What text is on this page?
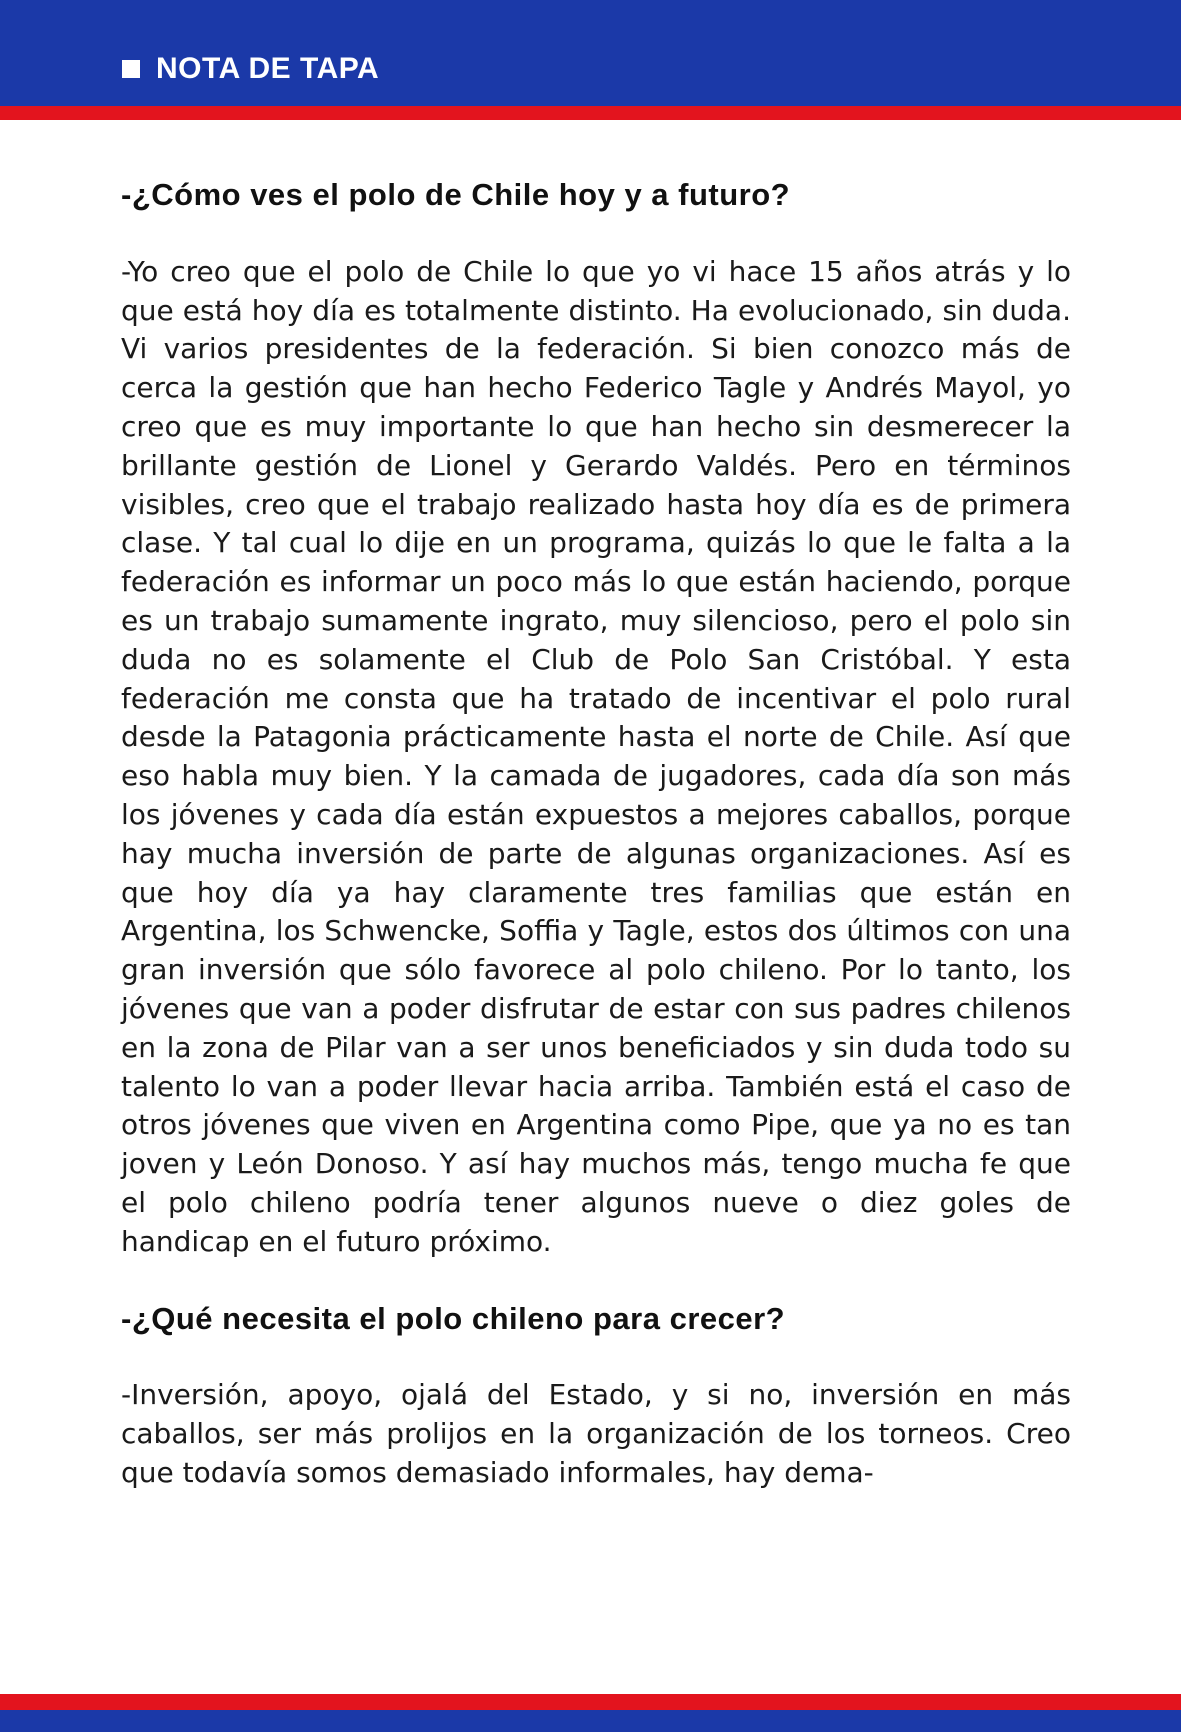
NOTA DE TAPA

-¿Cómo ves el polo de Chile hoy y a futuro?

-Yo creo que el polo de Chile lo que yo vi hace 15 años atrás y lo que está hoy día es totalmente distinto. Ha evolucionado, sin duda. Vi varios presidentes de la federación. Si bien conozco más de cerca la gestión que han hecho Federico Tagle y Andrés Mayol, yo creo que es muy importante lo que han hecho sin desmerecer la brillante gestión de Lionel y Gerardo Valdés. Pero en términos visibles, creo que el trabajo realizado hasta hoy día es de primera clase. Y tal cual lo dije en un programa, quizás lo que le falta a la federación es informar un poco más lo que están haciendo, porque es un trabajo sumamente ingrato, muy silencioso, pero el polo sin duda no es solamente el Club de Polo San Cristóbal. Y esta federación me consta que ha tratado de incentivar el polo rural desde la Patagonia prácticamente hasta el norte de Chile. Así que eso habla muy bien. Y la camada de jugadores, cada día son más los jóvenes y cada día están expuestos a mejores caballos, porque hay mucha inversión de parte de algunas organizaciones. Así es que hoy día ya hay claramente tres familias que están en Argentina, los Schwencke, Soffia y Tagle, estos dos últimos con una gran inversión que sólo favorece al polo chileno. Por lo tanto, los jóvenes que van a poder disfrutar de estar con sus padres chilenos en la zona de Pilar van a ser unos beneficiados y sin duda todo su talento lo van a poder llevar hacia arriba. También está el caso de otros jóvenes que viven en Argentina como Pipe, que ya no es tan joven y León Donoso. Y así hay muchos más, tengo mucha fe que el polo chileno podría tener algunos nueve o diez goles de handicap en el futuro próximo.

-¿Qué necesita el polo chileno para crecer?

-Inversión, apoyo, ojalá del Estado, y si no, inversión en más caballos, ser más prolijos en la organización de los torneos. Creo que todavía somos demasiado informales, hay dema-
